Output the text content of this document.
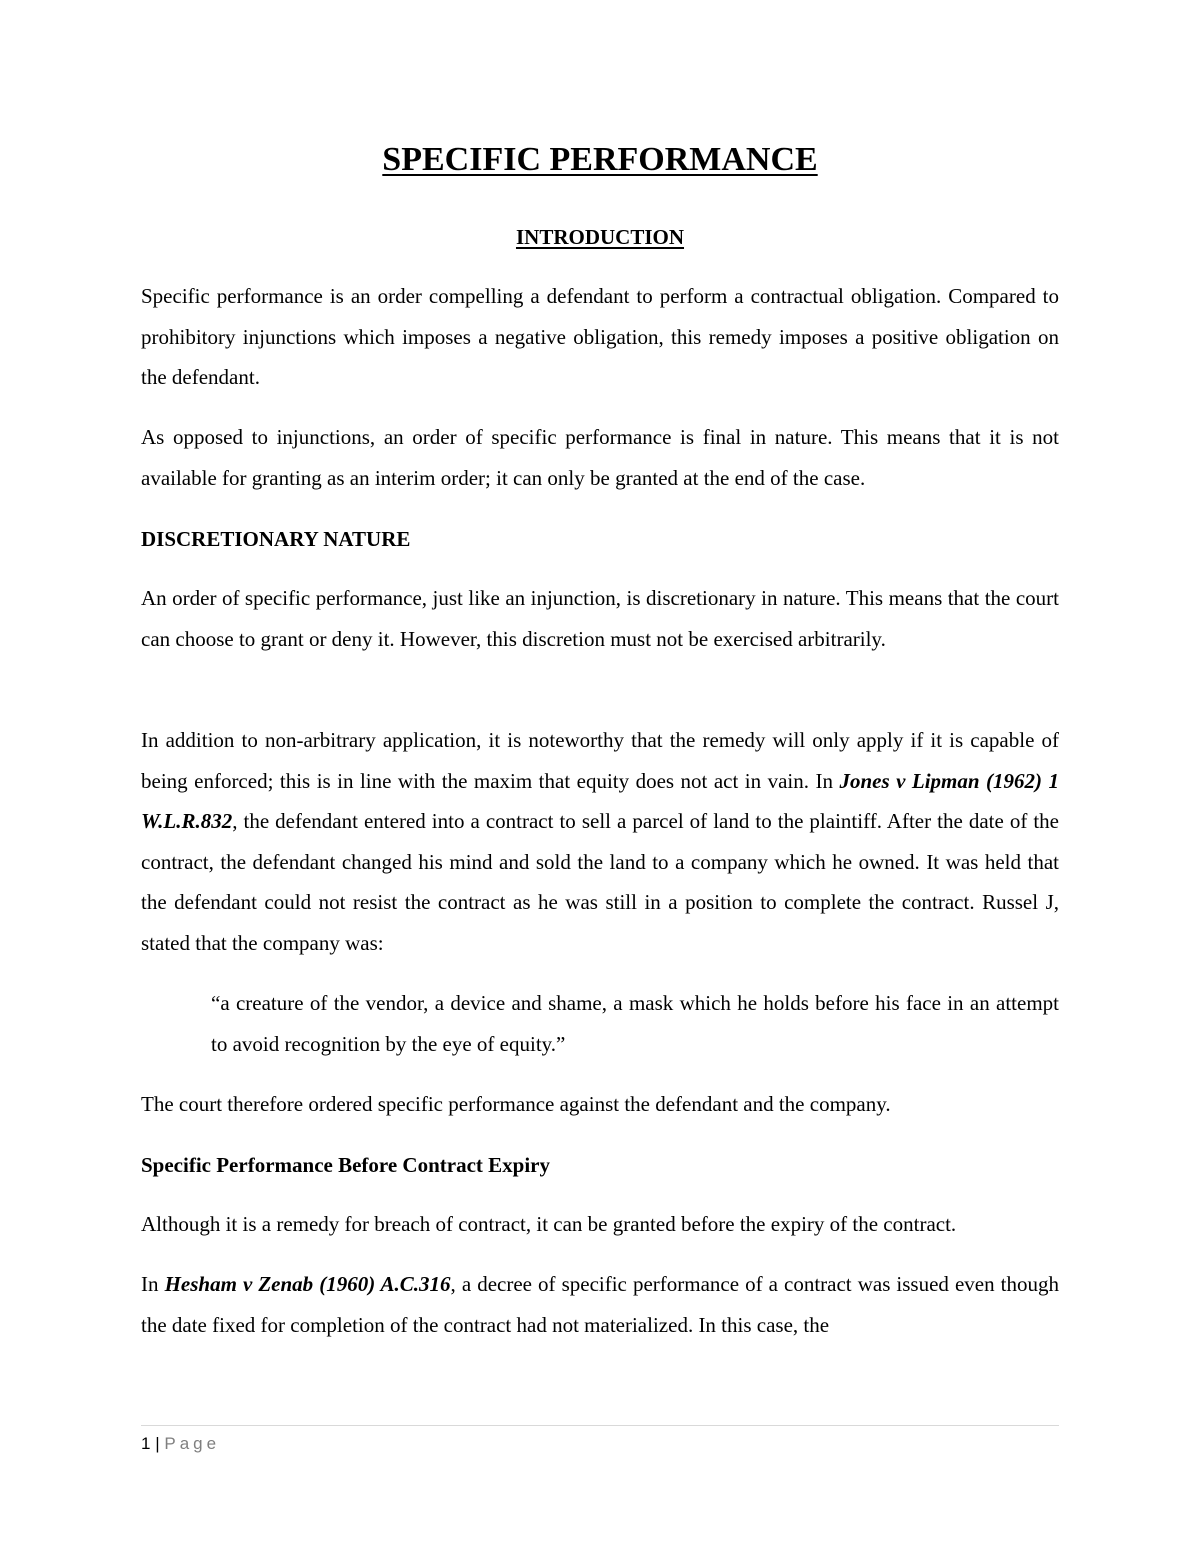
SPECIFIC PERFORMANCE
INTRODUCTION

Specific performance is an order compelling a defendant to perform a contractual obligation. Compared to prohibitory injunctions which imposes a negative obligation, this remedy imposes a positive obligation on the defendant.

As opposed to injunctions, an order of specific performance is final in nature. This means that it is not available for granting as an interim order; it can only be granted at the end of the case.

DISCRETIONARY NATURE

An order of specific performance, just like an injunction, is discretionary in nature. This means that the court can choose to grant or deny it. However, this discretion must not be exercised arbitrarily.

In addition to non-arbitrary application, it is noteworthy that the remedy will only apply if it is capable of being enforced; this is in line with the maxim that equity does not act in vain. In Jones v Lipman (1962) 1 W.L.R.832, the defendant entered into a contract to sell a parcel of land to the plaintiff. After the date of the contract, the defendant changed his mind and sold the land to a company which he owned. It was held that the defendant could not resist the contract as he was still in a position to complete the contract. Russel J, stated that the company was:

“a creature of the vendor, a device and shame, a mask which he holds before his face in an attempt to avoid recognition by the eye of equity.”

The court therefore ordered specific performance against the defendant and the company.

Specific Performance Before Contract Expiry

Although it is a remedy for breach of contract, it can be granted before the expiry of the contract.

In Hesham v Zenab (1960) A.C.316, a decree of specific performance of a contract was issued even though the date fixed for completion of the contract had not materialized. In this case, the

1 | Page
